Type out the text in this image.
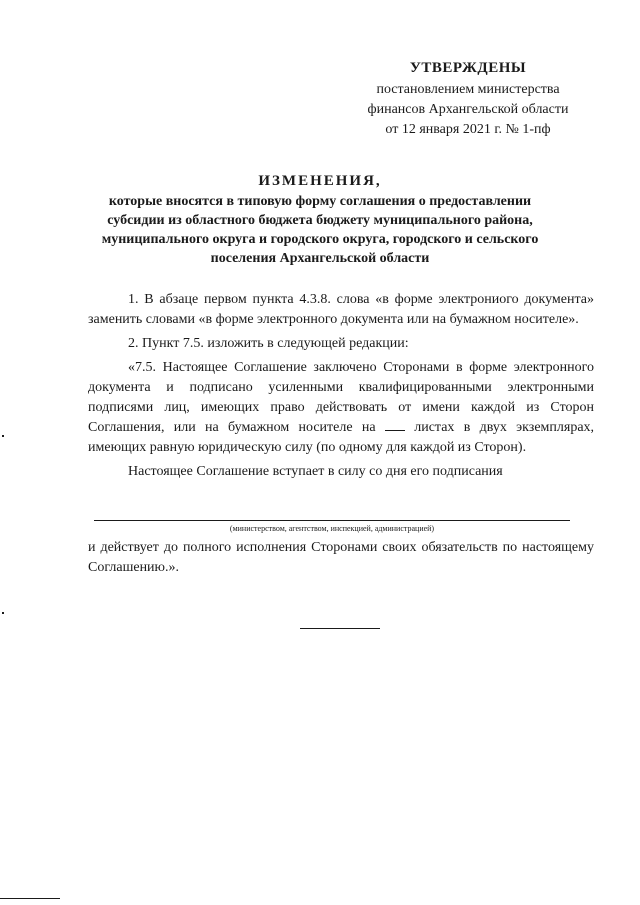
УТВЕРЖДЕНЫ
постановлением министерства
финансов Архангельской области
от 12 января 2021 г. № 1-пф
ИЗМЕНЕНИЯ,
которые вносятся в типовую форму соглашения о предоставлении субсидии из областного бюджета бюджету муниципального района, муниципального округа и городского округа, городского и сельского поселения Архангельской области

1. В абзаце первом пункта 4.3.8. слова «в форме электрониого документа» заменить словами «в форме электронного документа или на бумажном носителе».

2. Пункт 7.5. изложить в следующей редакции:

«7.5. Настоящее Соглашение заключено Сторонами в форме электронного документа и подписано усиленными квалифицированными электронными подписями лиц, имеющих право действовать от имени каждой из Сторон Соглашения, или на бумажном носителе на	листах в двух экземплярах, имеющих равную юридическую силу (по одному для каждой из Сторон).

Настоящее Соглашение вступает в силу со дня его подписания

(министерством, агентством, инспекцией, администрацией)
и действует до полного исполнения Сторонами своих обязательств по настоящему Соглашению.».
